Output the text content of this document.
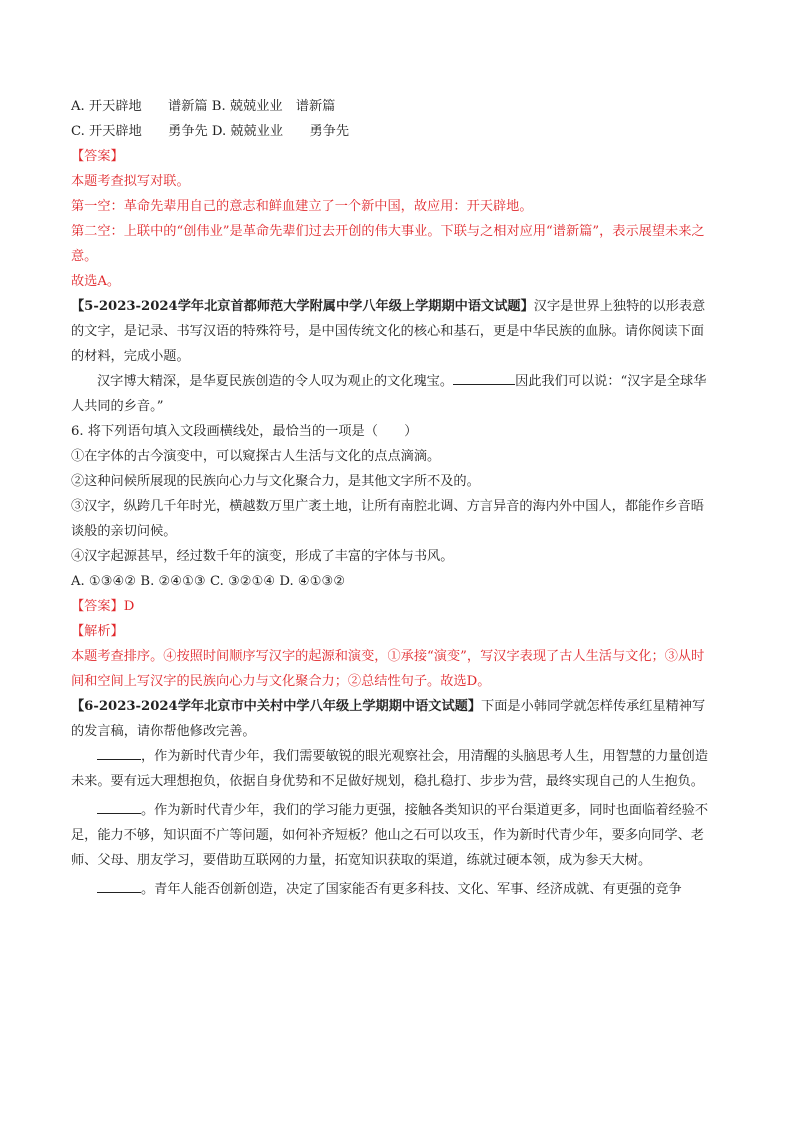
A. 开天辟地　　谱新篇 B. 兢兢业业　谱新篇

C. 开天辟地　　勇争先 D. 兢兢业业　　勇争先

【答案】

本题考查拟写对联。

第一空：革命先辈用自己的意志和鲜血建立了一个新中国，故应用：开天辟地。

第二空：上联中的“创伟业”是革命先辈们过去开创的伟大事业。下联与之相对应用“谱新篇”，表示展望未来之意。

故选A。

【5-2023-2024学年北京首都师范大学附属中学八年级上学期期中语文试题】汉字是世界上独特的以形表意的文字，是记录、书写汉语的特殊符号，是中国传统文化的核心和基石，更是中华民族的血脉。请你阅读下面的材料，完成小题。

汉字博大精深，是华夏民族创造的令人叹为观止的文化瑰宝。	因此我们可以说：“汉字是全球华人共同的乡音。”

6. 将下列语句填入文段画横线处，最恰当的一项是（　　）

①在字体的古今演变中，可以窥探古人生活与文化的点点滴滴。

②这种问候所展现的民族向心力与文化聚合力，是其他文字所不及的。

③汉字，纵跨几千年时光，横越数万里广袤土地，让所有南腔北调、方言异音的海内外中国人，都能作乡音晤谈般的亲切问候。

④汉字起源甚早，经过数千年的演变，形成了丰富的字体与书风。

A. ①③④② B. ②④①③ C. ③②①④ D. ④①③②

【答案】D

【解析】

本题考查排序。④按照时间顺序写汉字的起源和演变，①承接“演变”，写汉字表现了古人生活与文化；③从时间和空间上写汉字的民族向心力与文化聚合力；②总结性句子。故选D。

【6-2023-2024学年北京市中关村中学八年级上学期期中语文试题】下面是小韩同学就怎样传承红星精神写的发言稿，请你帮他修改完善。

，作为新时代青少年，我们需要敏锐的眼光观察社会，用清醒的头脑思考人生，用智慧的力量创造未来。要有远大理想抱负，依据自身优势和不足做好规划，稳扎稳打、步步为营，最终实现自己的人生抱负。

。作为新时代青少年，我们的学习能力更强，接触各类知识的平台渠道更多，同时也面临着经验不足，能力不够，知识面不广等问题，如何补齐短板？他山之石可以攻玉，作为新时代青少年，要多向同学、老师、父母、朋友学习，要借助互联网的力量，拓宽知识获取的渠道，练就过硬本领，成为参天大树。

。青年人能否创新创造，决定了国家能否有更多科技、文化、军事、经济成就、有更强的竞争
